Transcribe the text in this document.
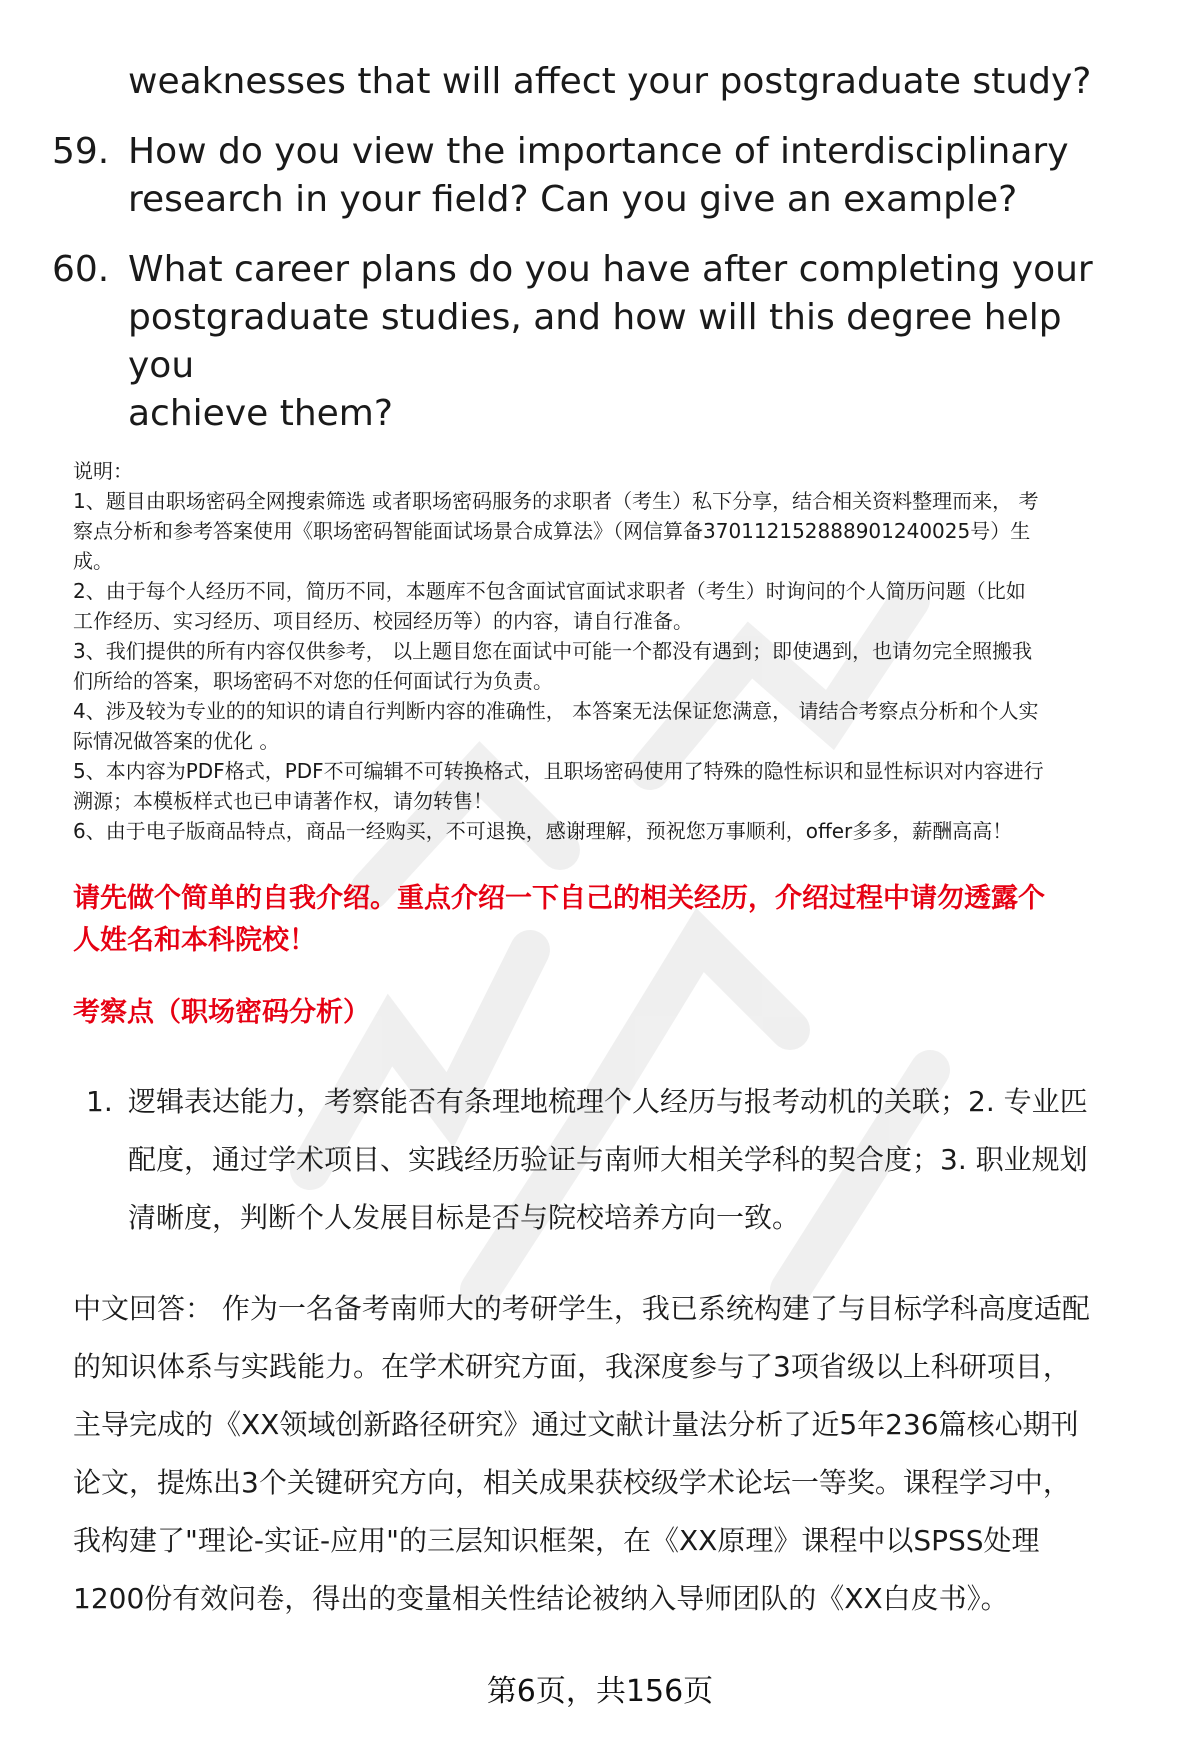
weaknesses that will affect your postgraduate study?
59. How do you view the importance of interdisciplinary
research in your field? Can you give an example?
60. What career plans do you have after completing your
postgraduate studies, and how will this degree help you
achieve them?

说明：

1、题目由职场密码全网搜索筛选 或者职场密码服务的求职者（考生）私下分享，结合相关资料整理而来， 考

察点分析和参考答案使用《职场密码智能面试场景合成算法》（网信算备370112152888901240025号）生

成。

2、由于每个人经历不同，简历不同，本题库不包含面试官面试求职者（考生）时询问的个人简历问题（比如

工作经历、实习经历、项目经历、校园经历等）的内容，请自行准备。

3、我们提供的所有内容仅供参考， 以上题目您在面试中可能一个都没有遇到；即使遇到，也请勿完全照搬我

们所给的答案，职场密码不对您的任何面试行为负责。

4、涉及较为专业的的知识的请自行判断内容的准确性， 本答案无法保证您满意， 请结合考察点分析和个人实

际情况做答案的优化 。

5、本内容为PDF格式，PDF不可编辑不可转换格式，且职场密码使用了特殊的隐性标识和显性标识对内容进行

溯源；本模板样式也已申请著作权，请勿转售！

6、由于电子版商品特点，商品一经购买，不可退换，感谢理解，预祝您万事顺利，offer多多，薪酬高高！

请先做个简单的自我介绍。重点介绍一下自己的相关经历，介绍过程中请勿透露个
人姓名和本科院校！
考察点（职场密码分析）
1. 逻辑表达能力，考察能否有条理地梳理个人经历与报考动机的关联；2. 专业匹
配度，通过学术项目、实践经历验证与南师大相关学科的契合度；3. 职业规划
清晰度，判断个人发展目标是否与院校培养方向一致。
中文回答： 作为一名备考南师大的考研学生，我已系统构建了与目标学科高度适配
的知识体系与实践能力。在学术研究方面，我深度参与了3项省级以上科研项目，
主导完成的《XX领域创新路径研究》通过文献计量法分析了近5年236篇核心期刊
论文，提炼出3个关键研究方向，相关成果获校级学术论坛一等奖。课程学习中，
我构建了"理论-实证-应用"的三层知识框架，在《XX原理》课程中以SPSS处理
1200份有效问卷，得出的变量相关性结论被纳入导师团队的《XX白皮书》。
第6页，共156页
